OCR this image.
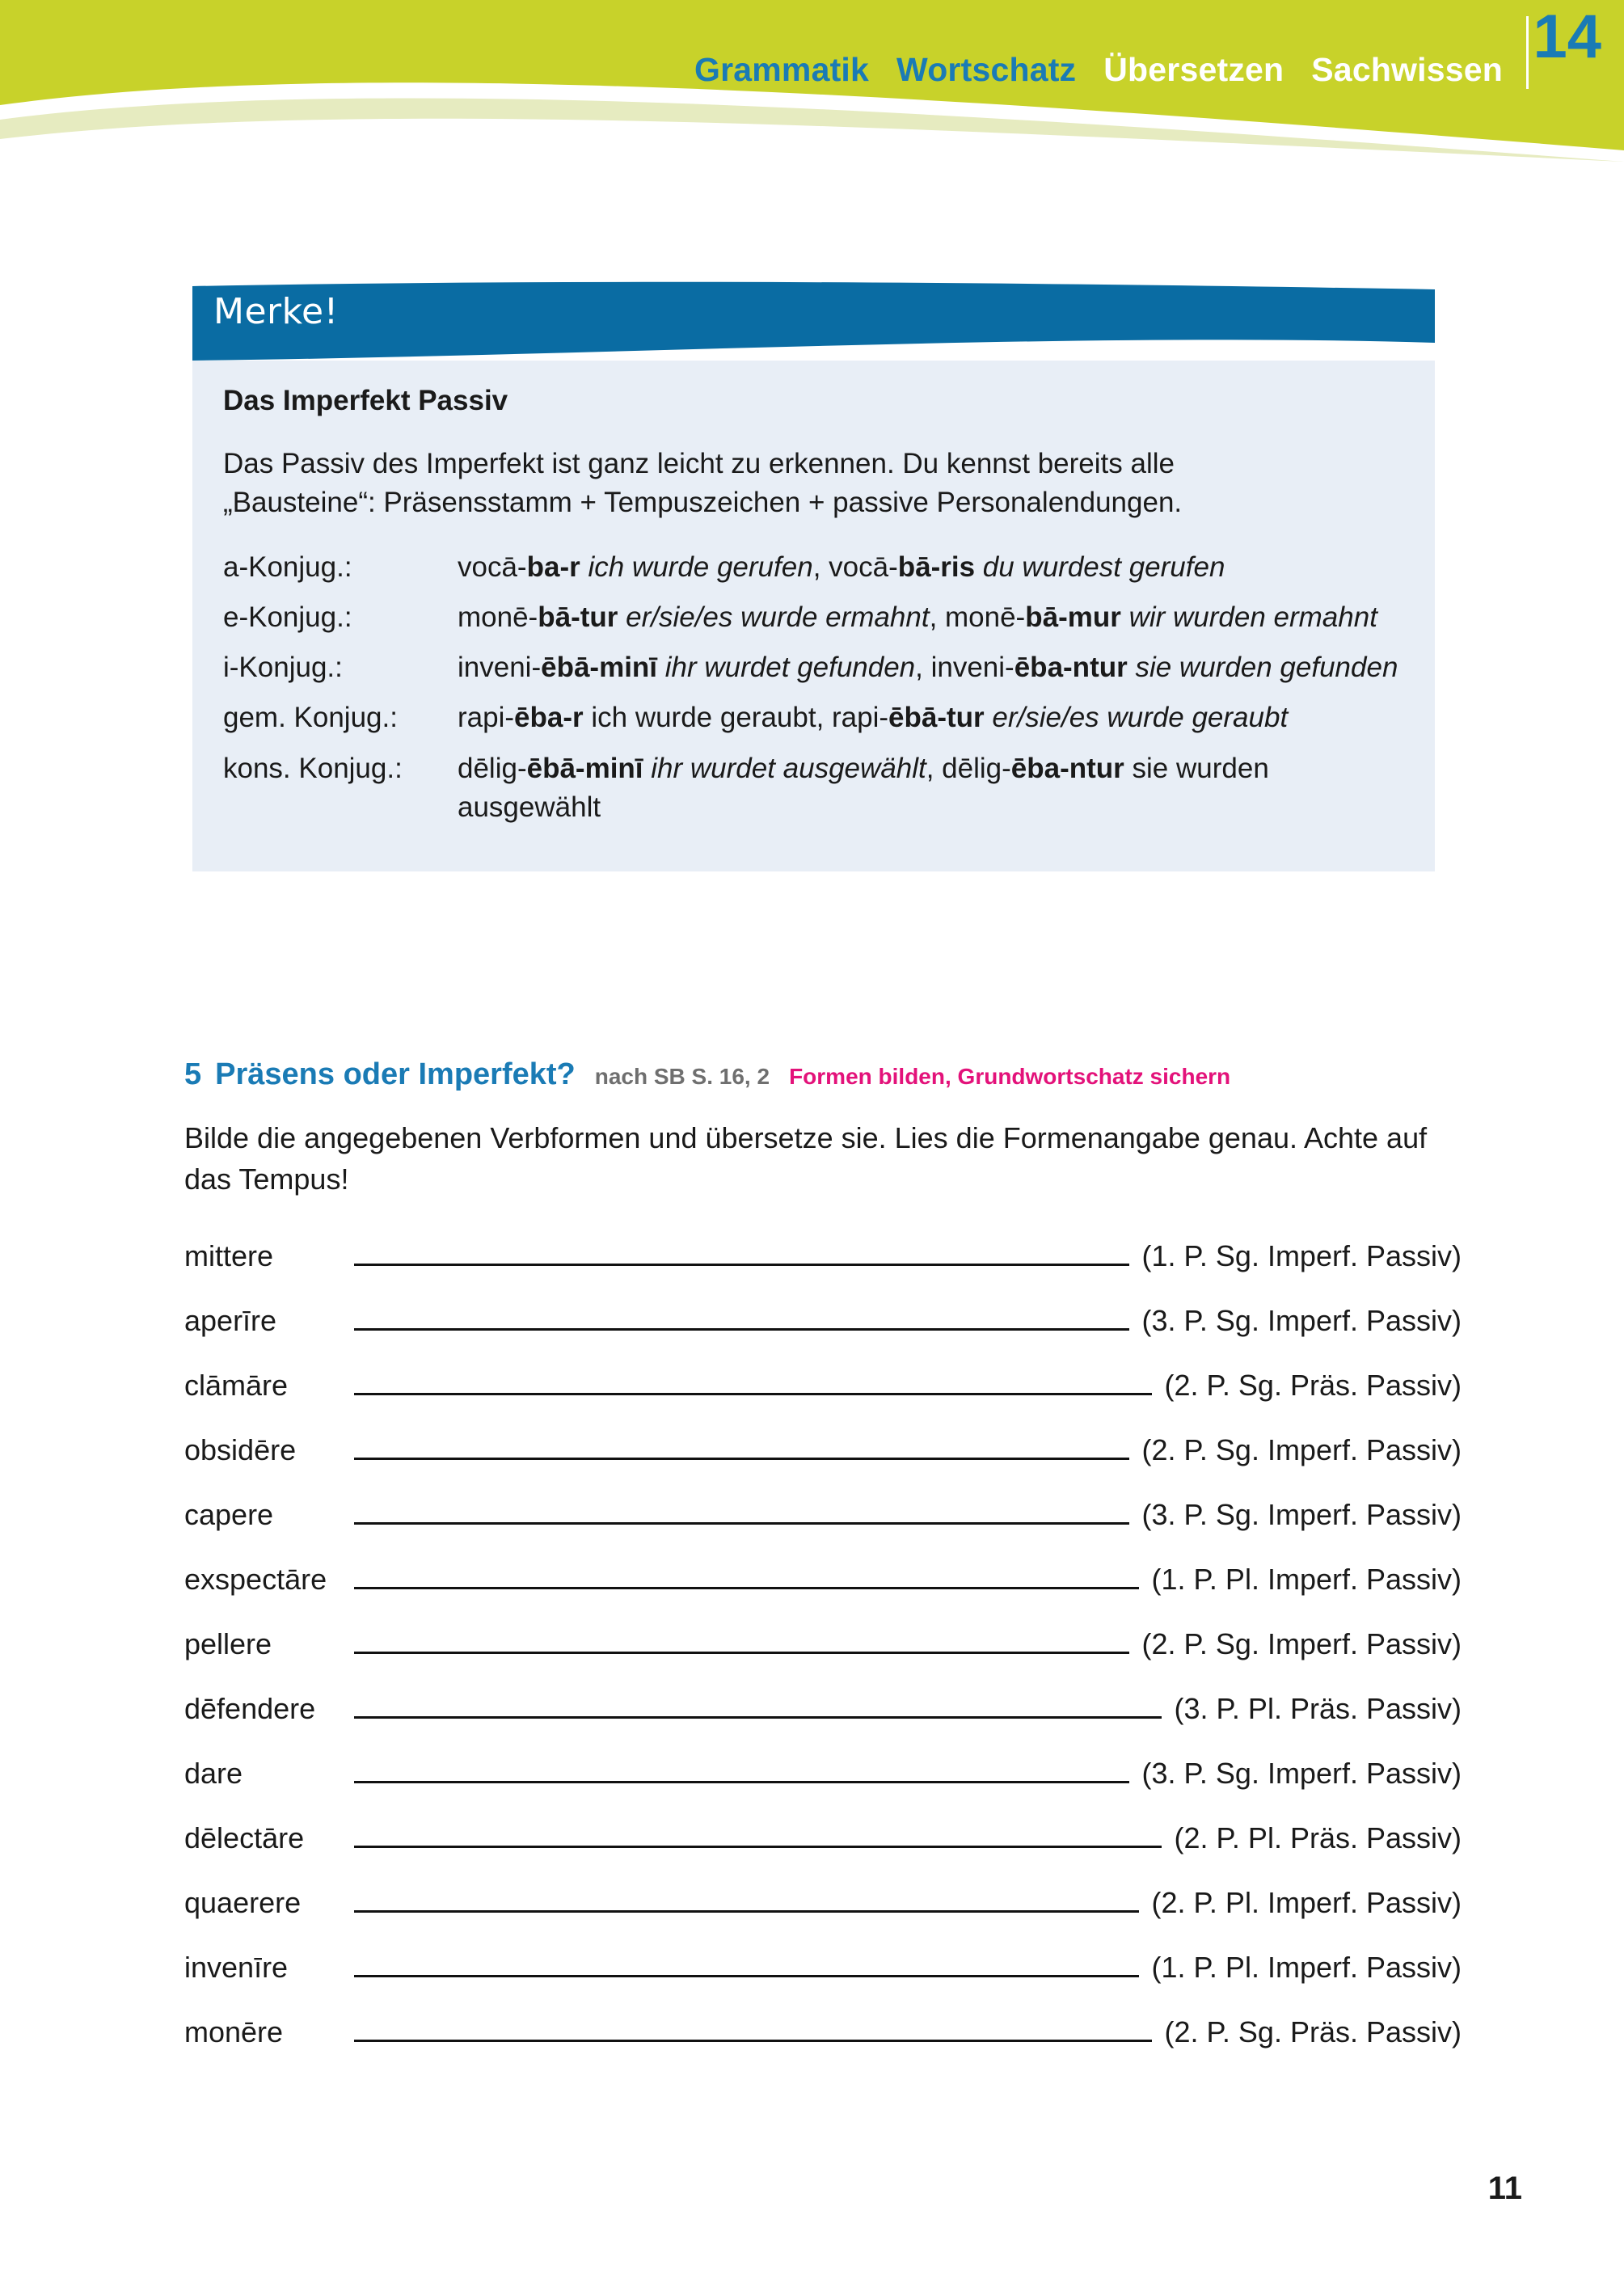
Grammatik Wortschatz Übersetzen Sachwissen 14
Merke!
Das Imperfekt Passiv
Das Passiv des Imperfekt ist ganz leicht zu erkennen. Du kennst bereits alle
„Bausteine“: Präsensstamm + Tempuszeichen + passive Personalendungen.
a-Konjug.:	vocā-ba-r ich wurde gerufen, vocā-bā-ris du wurdest gerufen
e-Konjug.:	monē-bā-tur er/sie/es wurde ermahnt, monē-bā-mur wir wurden ermahnt
i-Konjug.:	inveni-ēbā-minī ihr wurdet gefunden, inveni-ēba-ntur sie wurden gefunden
gem. Konjug.:	rapi-ēba-r ich wurde geraubt, rapi-ēbā-tur er/sie/es wurde geraubt
kons. Konjug.:	dēlig-ēbā-minī ihr wurdet ausgewählt, dēlig-ēba-ntur sie wurden ausgewählt
5 Präsens oder Imperfekt? nach SB S. 16, 2 Formen bilden, Grundwortschatz sichern
Bilde die angegebenen Verbformen und übersetze sie. Lies die Formenangabe genau. Achte auf das Tempus!
mittere	(1. P. Sg. Imperf. Passiv)
aperīre	(3. P. Sg. Imperf. Passiv)
clāmāre	(2. P. Sg. Präs. Passiv)
obsidēre	(2. P. Sg. Imperf. Passiv)
capere	(3. P. Sg. Imperf. Passiv)
exspectāre	(1. P. Pl. Imperf. Passiv)
pellere	(2. P. Sg. Imperf. Passiv)
dēfendere	(3. P. Pl. Präs. Passiv)
dare	(3. P. Sg. Imperf. Passiv)
dēlectāre	(2. P. Pl. Präs. Passiv)
quaerere	(2. P. Pl. Imperf. Passiv)
invenīre	(1. P. Pl. Imperf. Passiv)
monēre	(2. P. Sg. Präs. Passiv)
11
